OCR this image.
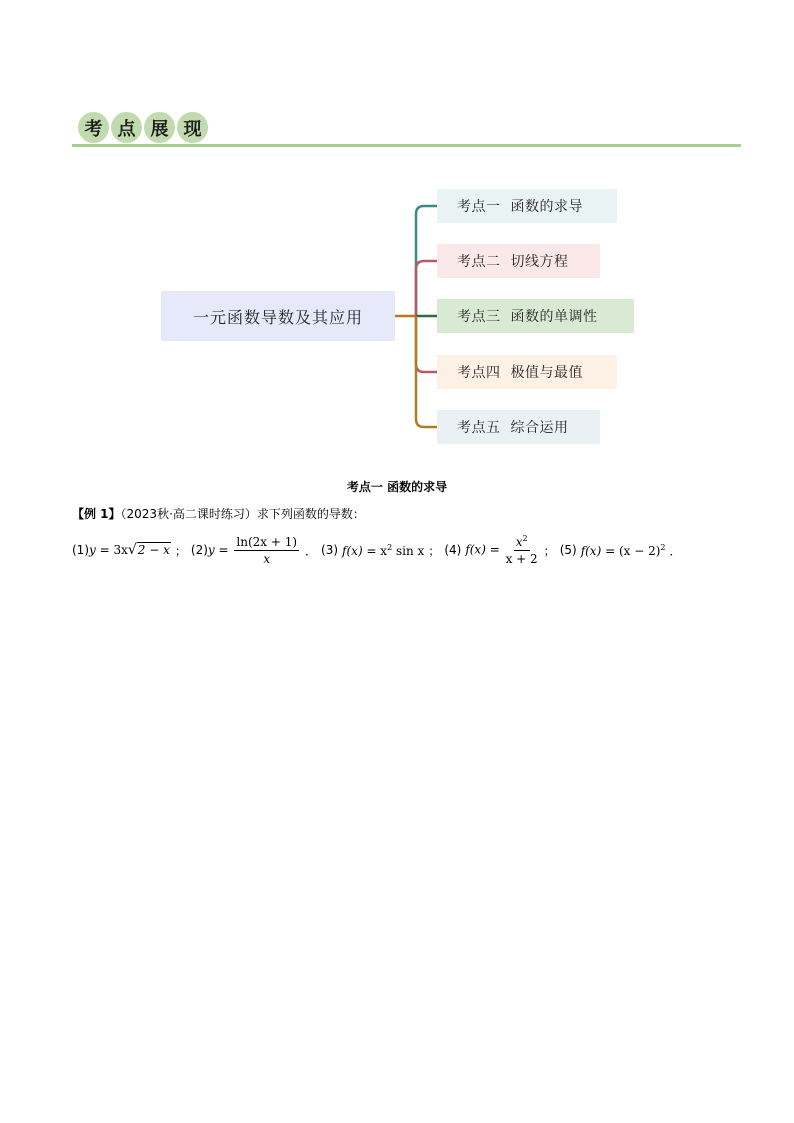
考 点 展 现
一元函数导数及其应用
考点一 函数的求导
考点二 切线方程
考点三 函数的单调性
考点四 极值与最值
考点五 综合运用
考点一 函数的求导
【例 1】（2023秋·高二课时练习）求下列函数的导数：
(1) y = 3x√2 − x ； (2) $y = \frac{\ln(2x + 1)}{x}$ ． (3) $f(x) = x^2$ sin x ； (4) $f(x) = \frac{x^2}{x + 2}$ ； (5) $f(x) = (x - 2)^2$ ．
